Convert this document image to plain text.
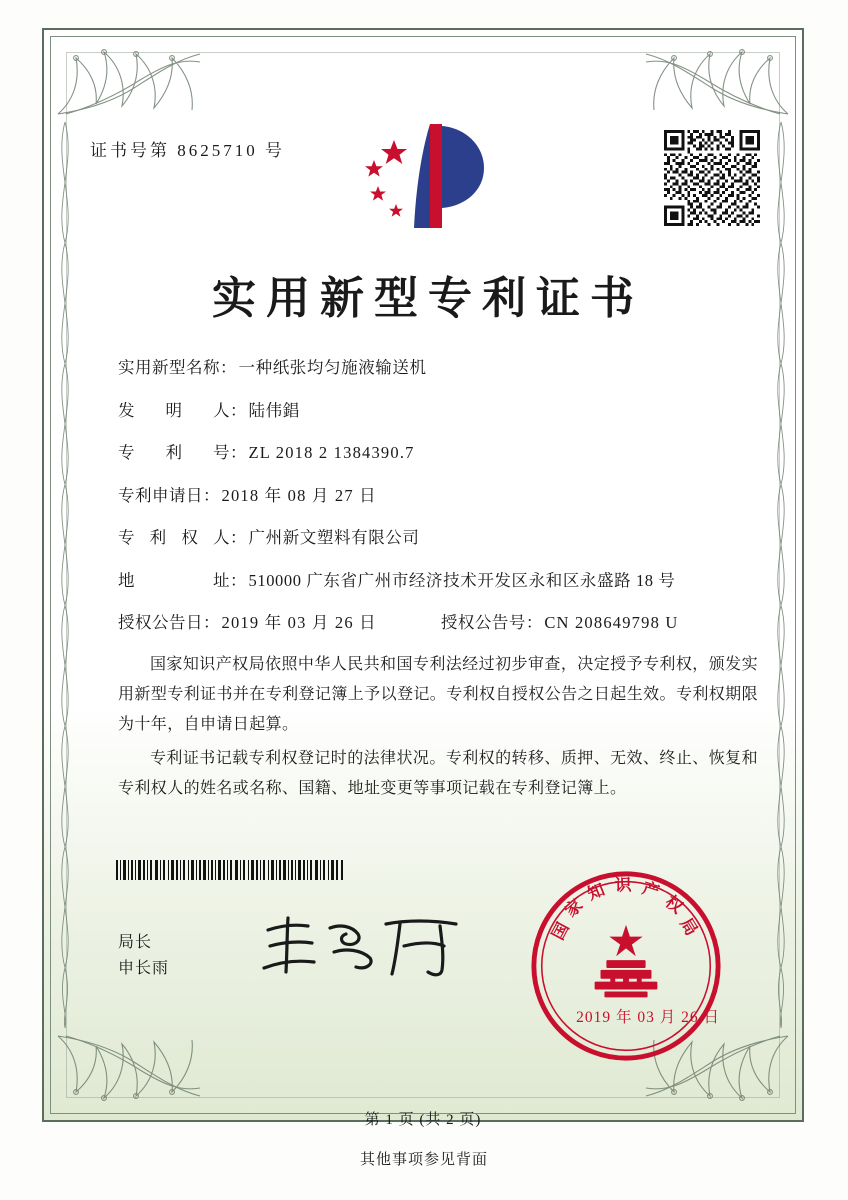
证书号第 8625710 号
实用新型专利证书
实用新型名称 ： 一种纸张均匀施液输送机
发明人 ： 陆伟錩
专利号 ： ZL 2018 2 1384390.7
专利申请日 ： 2018 年 08 月 27 日
专利权人 ： 广州新文塑料有限公司
地址 ： 510000 广东省广州市经济技术开发区永和区永盛路 18 号
授权公告日 ： 2019 年 03 月 26 日	授权公告号 ： CN 208649798 U

国家知识产权局依照中华人民共和国专利法经过初步审查，决定授予专利权，颁发实用新型专利证书并在专利登记簿上予以登记。专利权自授权公告之日起生效。专利权期限为十年，自申请日起算。

专利证书记载专利权登记时的法律状况。专利权的转移、质押、无效、终止、恢复和专利权人的姓名或名称、国籍、地址变更等事项记载在专利登记簿上。

局长
申长雨
国
家
知 识 产
权
局
2019 年 03 月 26 日
第 1 页 (共 2 页)
其他事项参见背面
